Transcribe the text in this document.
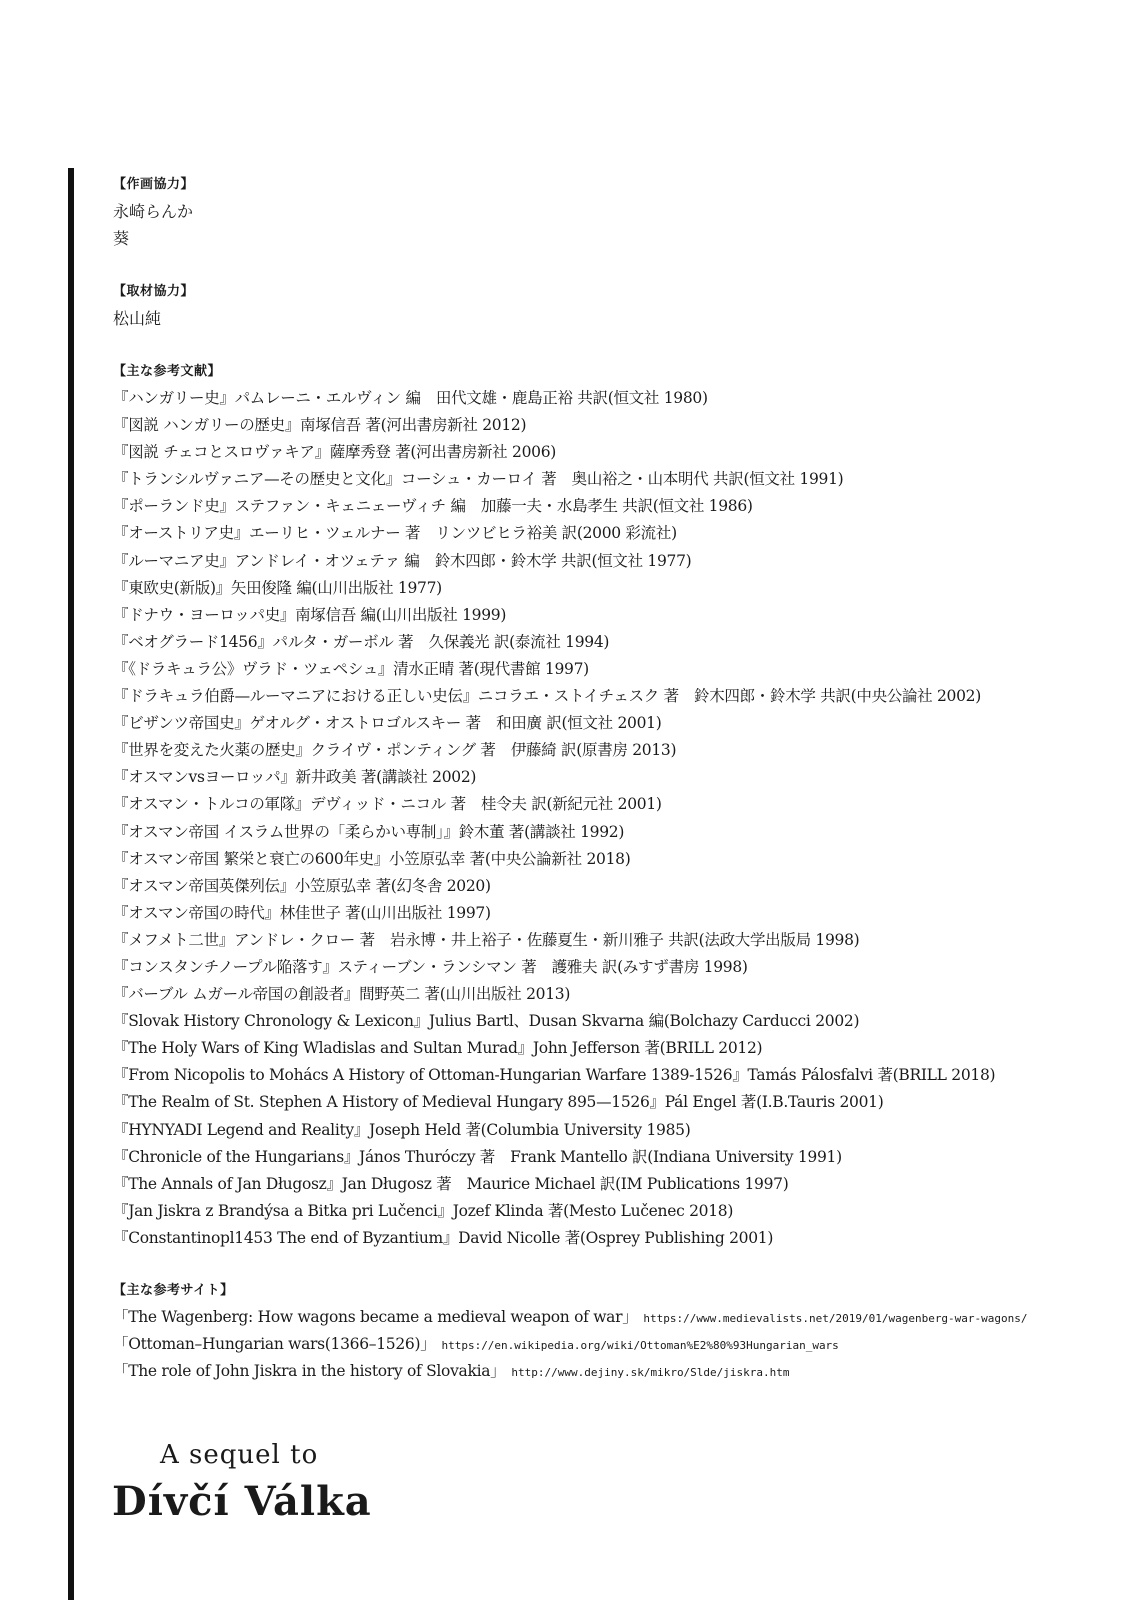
【作画協力】
永崎らんか
葵
【取材協力】
松山純
【主な参考文献】
『ハンガリー史』パムレーニ・エルヴィン 編　田代文雄・鹿島正裕 共訳(恒文社 1980)
『図説 ハンガリーの歴史』南塚信吾 著(河出書房新社 2012)
『図説 チェコとスロヴァキア』薩摩秀登 著(河出書房新社 2006)
『トランシルヴァニア—その歴史と文化』コーシュ・カーロイ 著　奥山裕之・山本明代 共訳(恒文社 1991)
『ポーランド史』ステファン・キェニェーヴィチ 編　加藤一夫・水島孝生 共訳(恒文社 1986)
『オーストリア史』エーリヒ・ツェルナー 著　リンツビヒラ裕美 訳(2000 彩流社)
『ルーマニア史』アンドレイ・オツェテァ 編　鈴木四郎・鈴木学 共訳(恒文社 1977)
『東欧史(新版)』矢田俊隆 編(山川出版社 1977)
『ドナウ・ヨーロッパ史』南塚信吾 編(山川出版社 1999)
『ベオグラード1456』パルタ・ガーボル 著　久保義光 訳(泰流社 1994)
『《ドラキュラ公》ヴラド・ツェペシュ』清水正晴 著(現代書館 1997)
『ドラキュラ伯爵—ルーマニアにおける正しい史伝』ニコラエ・ストイチェスク 著　鈴木四郎・鈴木学 共訳(中央公論社 2002)
『ビザンツ帝国史』ゲオルグ・オストロゴルスキー 著　和田廣 訳(恒文社 2001)
『世界を変えた火薬の歴史』クライヴ・ポンティング 著　伊藤綺 訳(原書房 2013)
『オスマンvsヨーロッパ』新井政美 著(講談社 2002)
『オスマン・トルコの軍隊』デヴィッド・ニコル 著　桂令夫 訳(新紀元社 2001)
『オスマン帝国 イスラム世界の「柔らかい専制」』鈴木董 著(講談社 1992)
『オスマン帝国 繁栄と衰亡の600年史』小笠原弘幸 著(中央公論新社 2018)
『オスマン帝国英傑列伝』小笠原弘幸 著(幻冬舎 2020)
『オスマン帝国の時代』林佳世子 著(山川出版社 1997)
『メフメト二世』アンドレ・クロー 著　岩永博・井上裕子・佐藤夏生・新川雅子 共訳(法政大学出版局 1998)
『コンスタンチノープル陥落す』スティーブン・ランシマン 著　護雅夫 訳(みすず書房 1998)
『バーブル ムガール帝国の創設者』間野英二 著(山川出版社 2013)
『Slovak History Chronology & Lexicon』Julius Bartl、Dusan Skvarna 編(Bolchazy Carducci 2002)
『The Holy Wars of King Wladislas and Sultan Murad』John Jefferson 著(BRILL 2012)
『From Nicopolis to Mohács A History of Ottoman-Hungarian Warfare 1389-1526』Tamás Pálosfalvi 著(BRILL 2018)
『The Realm of St. Stephen A History of Medieval Hungary 895—1526』Pál Engel 著(I.B.Tauris 2001)
『HYNYADI Legend and Reality』Joseph Held 著(Columbia University 1985)
『Chronicle of the Hungarians』János Thuróczy 著　Frank Mantello 訳(Indiana University 1991)
『The Annals of Jan Długosz』Jan Długosz 著　Maurice Michael 訳(IM Publications 1997)
『Jan Jiskra z Brandýsa a Bitka pri Lučenci』Jozef Klinda 著(Mesto Lučenec 2018)
『Constantinopl1453 The end of Byzantium』David Nicolle 著(Osprey Publishing 2001)
【主な参考サイト】
「The Wagenberg: How wagons became a medieval weapon of war」 https://www.medievalists.net/2019/01/wagenberg-war-wagons/
「Ottoman–Hungarian wars(1366–1526)」 https://en.wikipedia.org/wiki/Ottoman%E2%80%93Hungarian_wars
「The role of John Jiskra in the history of Slovakia」 http://www.dejiny.sk/mikro/Slde/jiskra.htm
A sequel to
Dívčí Válka
